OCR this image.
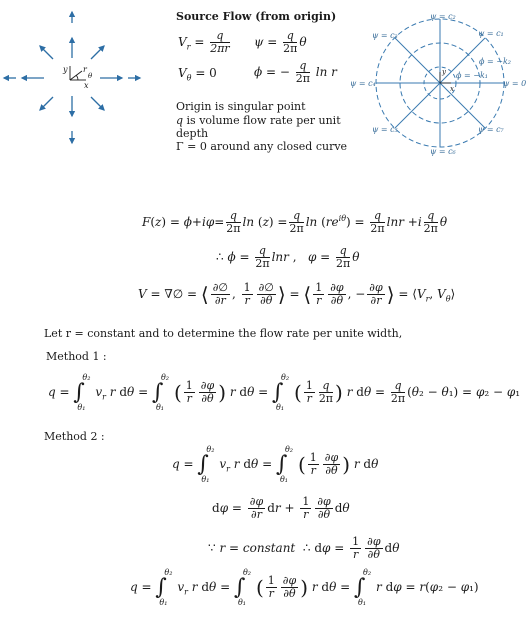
y
x
r
θ
Source Flow (from origin)
$V_r = \frac{q}{2\pi r}$ $\psi = \frac{q}{2\pi}$ θ
$V_\theta = 0$	ϕ = − $\frac{q}{2\pi}$ ln r
Origin is singular point
q is volume flow rate per unit
depth
Γ = 0 around any closed curve
ψ = c₂
ψ = c₃	ψ = c₁
ϕ = −k₂
ϕ = −k₁
ψ = c₄	ψ = 0
ψ = c₅	ψ = c₇
ψ = c₆
y
x
$F(z) = \phi+i\varphi= \frac{q}{2\pi}$ $\ln (z) = \frac{q}{2\pi}$ $\ln (re^{i\theta}) = \frac{q}{2\pi}$ $\ln r +i \frac{q}{2\pi}$ θ
∴ $\phi = \frac{q}{2\pi}$ lnr ,   $\varphi = \frac{q}{2\pi}$ θ
V = ∇∅ = ⟨ $\frac{\partial\emptyset}{\partial r}$ , $\frac{1}{r} \frac{\partial\emptyset}{\partial\theta}$ ⟩ = ⟨ $\frac{1}{r} \frac{\partial\varphi}{\partial\theta}$ , − $\frac{\partial\varphi}{\partial r}$ ⟩ = $⟨V_r$, $V_\theta⟩$
Let r = constant and to determine the flow rate per unite width,
Method 1 :
q = ∫
θ₂
θ₁
$v_r$ r dθ = ∫
θ₂
θ₁
( $\frac{1}{r} \frac{\partial\varphi}{\partial\theta}$ ) r dθ = ∫
θ₂
θ₁
( $\frac{1}{r} \frac{q}{2\pi}$ ) r $d\theta = \frac{q}{2\pi} (\theta_2 - \theta_1) = \varphi_2 - \varphi_1$
Method 2 :
q = ∫
θ₂
θ₁
$v_r$ r dθ = ∫
θ₂
θ₁
( $\frac{1}{r} \frac{\partial\varphi}{\partial\theta}$ ) r dθ
$d\varphi = \frac{\partial\varphi}{\partial r}$ dr + $\frac{1}{r} \frac{\partial\varphi}{\partial\theta}$ dθ
∵ r = constant  ∴ $d\varphi = \frac{1}{r} \frac{\partial\varphi}{\partial\theta}$ dθ
q = ∫
θ₂
θ₁
$v_r$ r dθ = ∫
θ₂
θ₁
( $\frac{1}{r} \frac{\partial\varphi}{\partial\theta}$ ) r dθ = ∫
θ₂
θ₁
r dφ = r(φ₂ − φ₁)
